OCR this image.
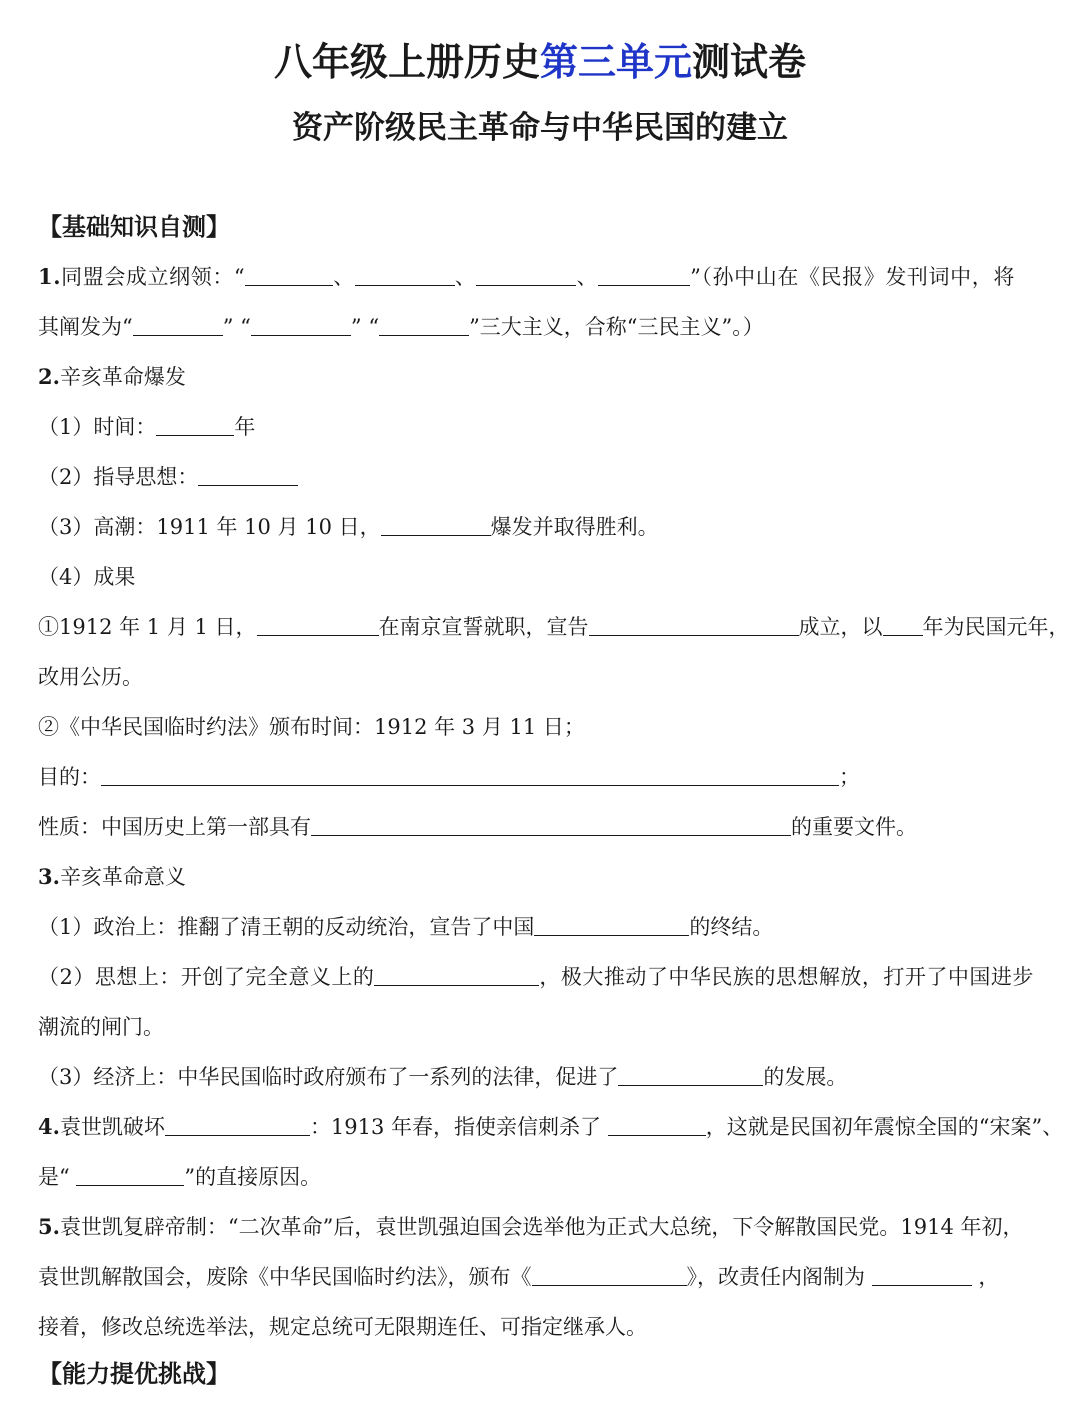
八年级上册历史第三单元测试卷
资产阶级民主革命与中华民国的建立
【基础知识自测】
1.同盟会成立纲领：“	、	、	、	”（孙中山在《民报》发刊词中，将
其阐发为“	” “	” “	”三大主义，合称“三民主义”。）
2.辛亥革命爆发
（1）时间：	年
（2）指导思想：
（3）高潮：1911 年 10 月 10 日，	爆发并取得胜利。
（4）成果
①1912 年 1 月 1 日，	在南京宣誓就职，宣告	成立，以 年为民国元年，
改用公历。
②《中华民国临时约法》颁布时间：1912 年 3 月 11 日；
目的：	；
性质：中国历史上第一部具有	的重要文件。
3.辛亥革命意义
（1）政治上：推翻了清王朝的反动统治，宣告了中国	的终结。
（2）思想上：开创了完全意义上的	，极大推动了中华民族的思想解放，打开了中国进步
潮流的闸门。
（3）经济上：中华民国临时政府颁布了一系列的法律，促进了	的发展。
4.袁世凯破坏	：1913 年春，指使亲信刺杀了	，这就是民国初年震惊全国的“宋案”、
是“	”的直接原因。
5.袁世凯复辟帝制：“二次革命”后，袁世凯强迫国会选举他为正式大总统，下令解散国民党。1914 年初，
袁世凯解散国会，废除《中华民国临时约法》，颁布《	》，改责任内阁制为	，
接着，修改总统选举法，规定总统可无限期连任、可指定继承人。
【能力提优挑战】
